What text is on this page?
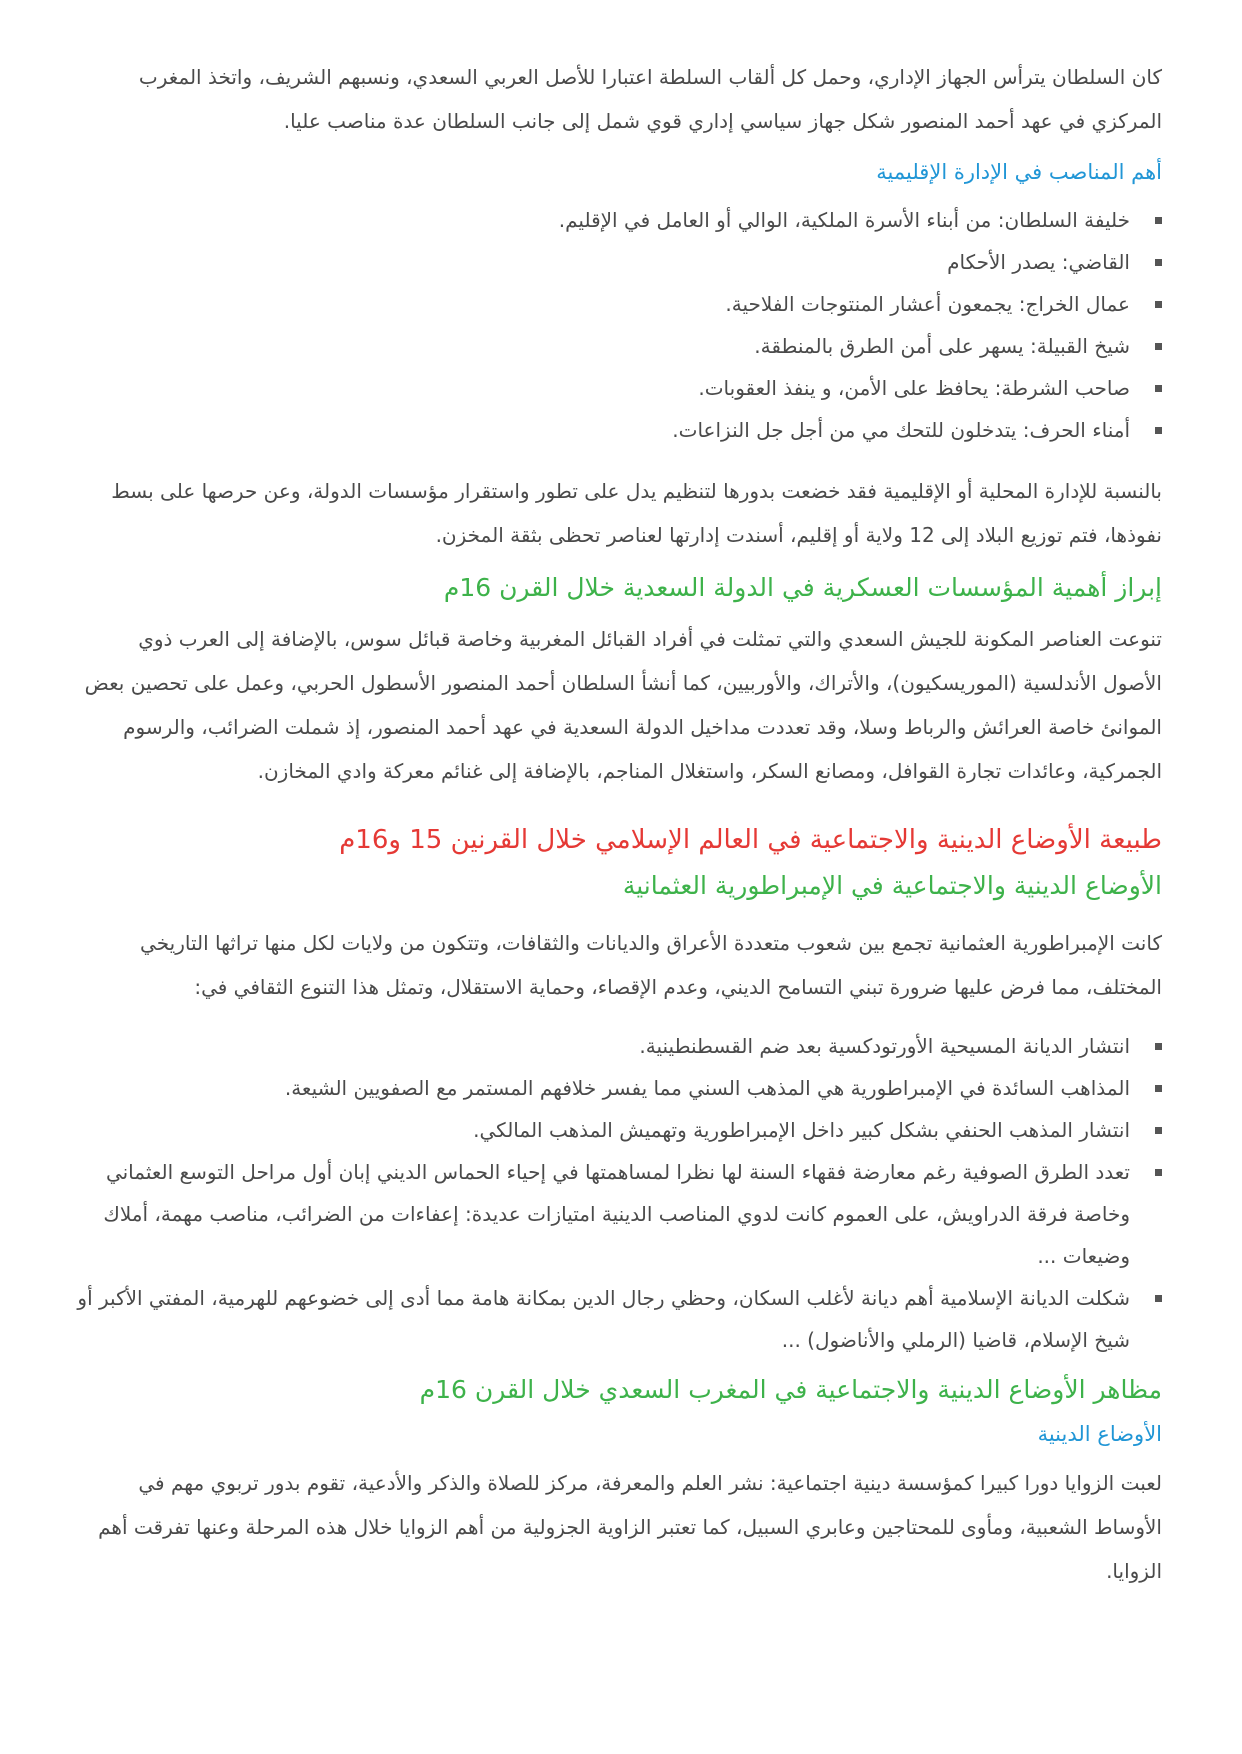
كان السلطان يترأس الجهاز الإداري، وحمل كل ألقاب السلطة اعتبارا للأصل العربي السعدي، ونسبهم الشريف، واتخذ المغرب المركزي في عهد أحمد المنصور شكل جهاز سياسي إداري قوي شمل إلى جانب السلطان عدة مناصب عليا.

أهم المناصب في الإدارة الإقليمية
خليفة السلطان: من أبناء الأسرة الملكية، الوالي أو العامل في الإقليم.
القاضي: يصدر الأحكام
عمال الخراج: يجمعون أعشار المنتوجات الفلاحية.
شيخ القبيلة: يسهر على أمن الطرق بالمنطقة.
صاحب الشرطة: يحافظ على الأمن، و ينفذ العقوبات.
أمناء الحرف: يتدخلون للتحك مي من أجل جل النزاعات.

بالنسبة للإدارة المحلية أو الإقليمية فقد خضعت بدورها لتنظيم يدل على تطور واستقرار مؤسسات الدولة، وعن حرصها على بسط نفوذها، فتم توزيع البلاد إلى 12 ولاية أو إقليم، أسندت إدارتها لعناصر تحظى بثقة المخزن.

إبراز أهمية المؤسسات العسكرية في الدولة السعدية خلال القرن 16م

تنوعت العناصر المكونة للجيش السعدي والتي تمثلت في أفراد القبائل المغربية وخاصة قبائل سوس، بالإضافة إلى العرب ذوي الأصول الأندلسية (الموريسكيون)، والأتراك، والأوربيين، كما أنشأ السلطان أحمد المنصور الأسطول الحربي، وعمل على تحصين بعض الموانئ خاصة العرائش والرباط وسلا، وقد تعددت مداخيل الدولة السعدية في عهد أحمد المنصور، إذ شملت الضرائب، والرسوم الجمركية، وعائدات تجارة القوافل، ومصانع السكر، واستغلال المناجم، بالإضافة إلى غنائم معركة وادي المخازن.

طبيعة الأوضاع الدينية والاجتماعية في العالم الإسلامي خلال القرنين 15 و16م
الأوضاع الدينية والاجتماعية في الإمبراطورية العثمانية

كانت الإمبراطورية العثمانية تجمع بين شعوب متعددة الأعراق والديانات والثقافات، وتتكون من ولايات لكل منها تراثها التاريخي المختلف، مما فرض عليها ضرورة تبني التسامح الديني، وعدم الإقصاء، وحماية الاستقلال، وتمثل هذا التنوع الثقافي في:

انتشار الديانة المسيحية الأورتودكسية بعد ضم القسطنطينية.
المذاهب السائدة في الإمبراطورية هي المذهب السني مما يفسر خلافهم المستمر مع الصفويين الشيعة.
انتشار المذهب الحنفي بشكل كبير داخل الإمبراطورية وتهميش المذهب المالكي.
تعدد الطرق الصوفية رغم معارضة فقهاء السنة لها نظرا لمساهمتها في إحياء الحماس الديني إبان أول مراحل التوسع العثماني وخاصة فرقة الدراويش، على العموم كانت لدوي المناصب الدينية امتيازات عديدة: إعفاءات من الضرائب، مناصب مهمة، أملاك وضيعات ...
شكلت الديانة الإسلامية أهم ديانة لأغلب السكان، وحظي رجال الدين بمكانة هامة مما أدى إلى خضوعهم للهرمية، المفتي الأكبر أو شيخ الإسلام، قاضيا (الرملي والأناضول) ...
مظاهر الأوضاع الدينية والاجتماعية في المغرب السعدي خلال القرن 16م
الأوضاع الدينية

لعبت الزوايا دورا كبيرا كمؤسسة دينية اجتماعية: نشر العلم والمعرفة، مركز للصلاة والذكر والأدعية، تقوم بدور تربوي مهم في الأوساط الشعبية، ومأوى للمحتاجين وعابري السبيل، كما تعتبر الزاوية الجزولية من أهم الزوايا خلال هذه المرحلة وعنها تفرقت أهم الزوايا.
